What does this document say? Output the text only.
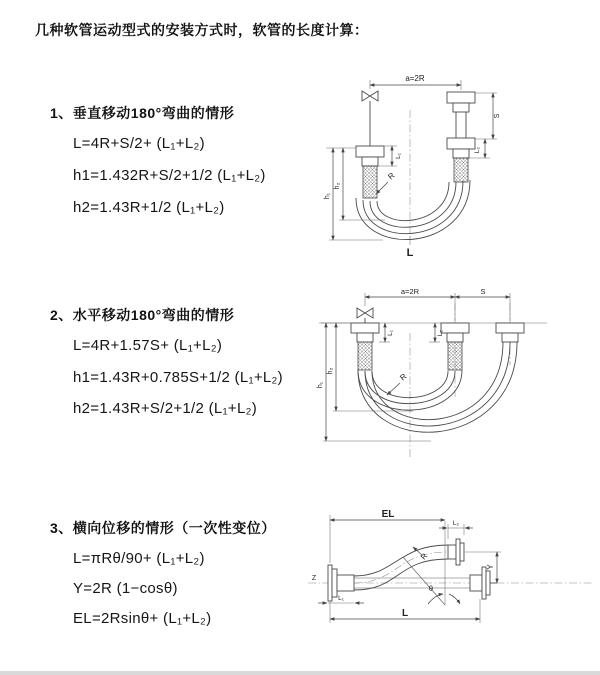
几种软管运动型式的安装方式时，软管的长度计算：
1、垂直移动180°弯曲的情形
L=4R+S/2+ (L₁+L₂)
h1=1.432R+S/2+1/2 (L₁+L₂)
h2=1.43R+1/2 (L₁+L₂)
2、水平移动180°弯曲的情形
L=4R+1.57S+ (L₁+L₂)
h1=1.43R+0.785S+1/2 (L₁+L₂)
h2=1.43R+S/2+1/2 (L₁+L₂)
3、横向位移的情形（一次性变位）
L=πRθ/90+ (L₁+L₂)
Y=2R (1−cosθ)
EL=2Rsinθ+ (L₁+L₂)
a=2R
R
L
h₁
h₂
L₁
S
L₂
a=2R	S
R
h₁
h₂
L₁	L₂
Z
θ
R
EL
L₂
Y
L
L₁
